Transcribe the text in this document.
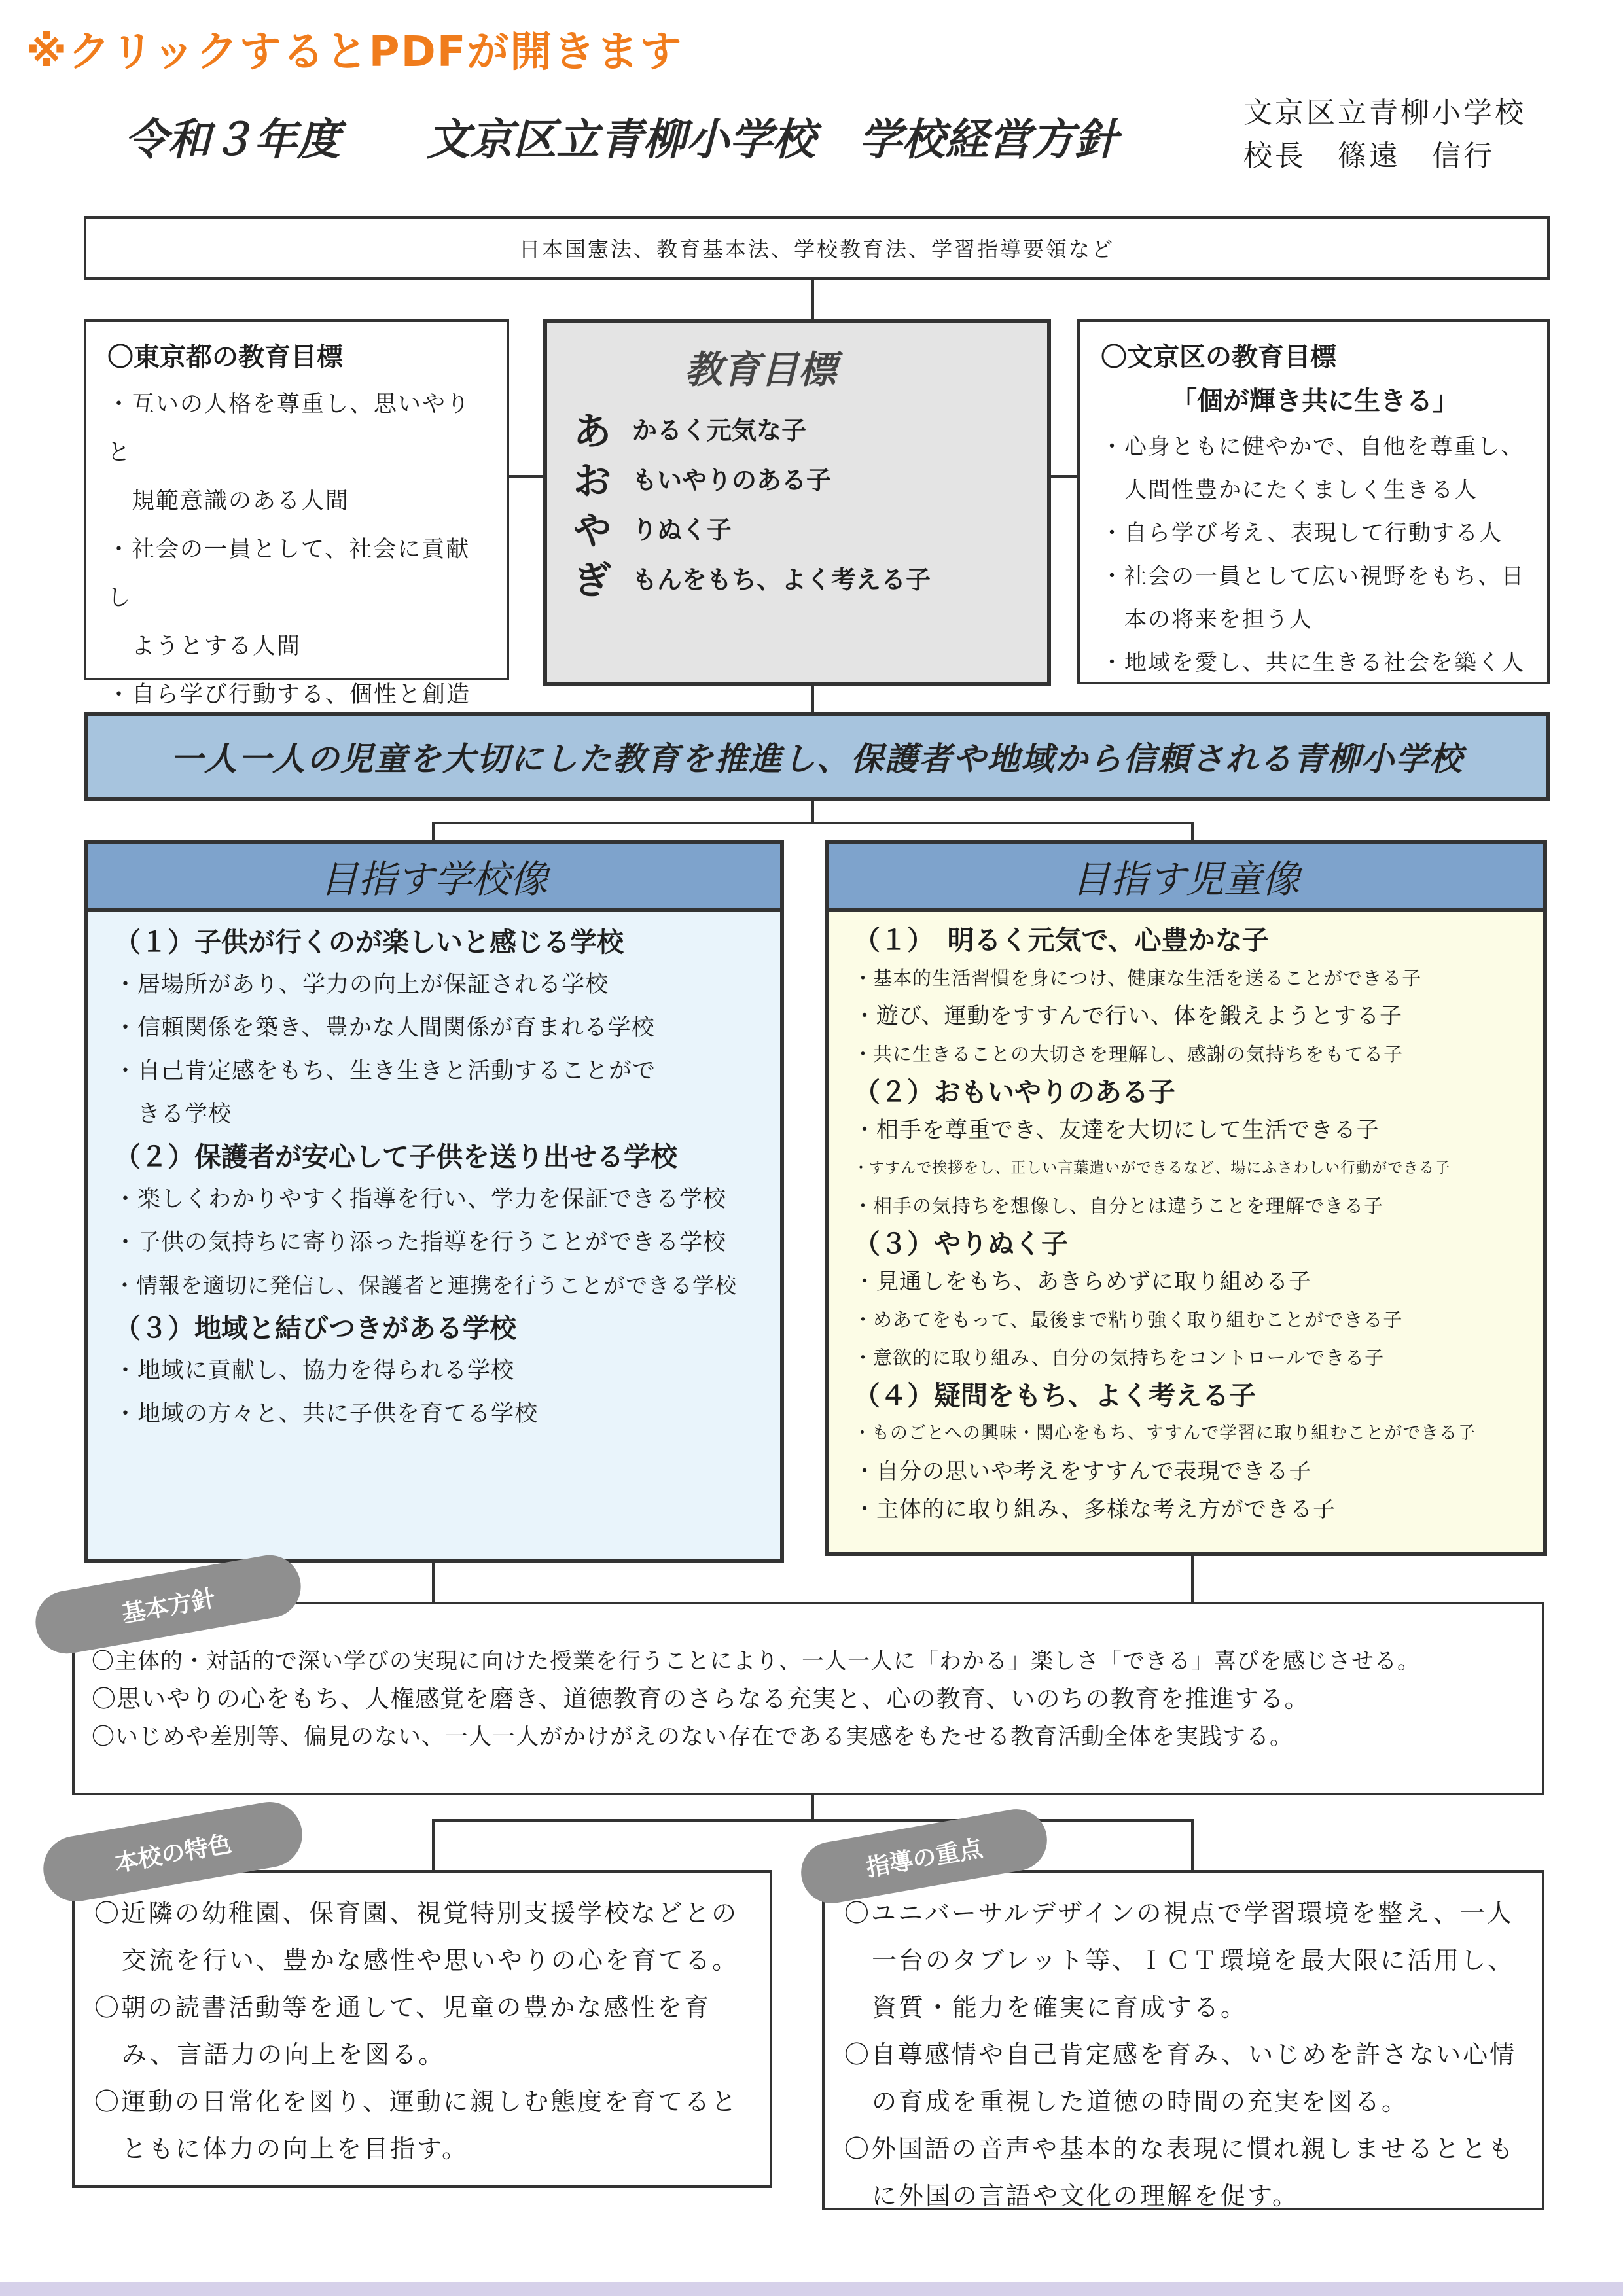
※クリックするとPDFが開きます
令和３年度　　文京区立青柳小学校　学校経営方針
文京区立青柳小学校
校長　篠遠　信行
日本国憲法、教育基本法、学校教育法、学習指導要領など
〇東京都の教育目標
・互いの人格を尊重し、思いやりと
　規範意識のある人間
・社会の一員として、社会に貢献し
　ようとする人間
・自ら学び行動する、個性と創造
教育目標
あ かるく元気な子
お もいやりのある子
や りぬく子
ぎ もんをもち、よく考える子
〇文京区の教育目標
「個が輝き共に生きる」
・心身ともに健やかで、自他を尊重し、
　人間性豊かにたくましく生きる人
・自ら学び考え、表現して行動する人
・社会の一員として広い視野をもち、日
　本の将来を担う人
・地域を愛し、共に生きる社会を築く人
一人一人の児童を大切にした教育を推進し、保護者や地域から信頼される青柳小学校
目指す学校像	目指す児童像
（１）子供が行くのが楽しいと感じる学校
・居場所があり、学力の向上が保証される学校
・信頼関係を築き、豊かな人間関係が育まれる学校
・自己肯定感をもち、生き生きと活動することがで
　きる学校
（２）保護者が安心して子供を送り出せる学校
・楽しくわかりやすく指導を行い、学力を保証できる学校
・子供の気持ちに寄り添った指導を行うことができる学校
・情報を適切に発信し、保護者と連携を行うことができる学校
（３）地域と結びつきがある学校
・地域に貢献し、協力を得られる学校
・地域の方々と、共に子供を育てる学校
（１）　明るく元気で、心豊かな子
・基本的生活習慣を身につけ、健康な生活を送ることができる子
・遊び、運動をすすんで行い、体を鍛えようとする子
・共に生きることの大切さを理解し、感謝の気持ちをもてる子
（２）おもいやりのある子
・相手を尊重でき、友達を大切にして生活できる子
・すすんで挨拶をし、正しい言葉遣いができるなど、場にふさわしい行動ができる子
・相手の気持ちを想像し、自分とは違うことを理解できる子
（３）やりぬく子
・見通しをもち、あきらめずに取り組める子
・めあてをもって、最後まで粘り強く取り組むことができる子
・意欲的に取り組み、自分の気持ちをコントロールできる子
（４）疑問をもち、よく考える子
・ものごとへの興味・関心をもち、すすんで学習に取り組むことができる子
・自分の思いや考えをすすんで表現できる子
・主体的に取り組み、多様な考え方ができる子
〇主体的・対話的で深い学びの実現に向けた授業を行うことにより、一人一人に「わかる」楽しさ「できる」喜びを感じさせる。
〇思いやりの心をもち、人権感覚を磨き、道徳教育のさらなる充実と、心の教育、いのちの教育を推進する。
〇いじめや差別等、偏見のない、一人一人がかけがえのない存在である実感をもたせる教育活動全体を実践する。
基本方針
〇近隣の幼稚園、保育園、視覚特別支援学校などとの交流を行い、豊かな感性や思いやりの心を育てる。
〇朝の読書活動等を通して、児童の豊かな感性を育み、言語力の向上を図る。
〇運動の日常化を図り、運動に親しむ態度を育てるとともに体力の向上を目指す。
本校の特色
〇ユニバーサルデザインの視点で学習環境を整え、一人一台のタブレット等、ＩＣＴ環境を最大限に活用し、資質・能力を確実に育成する。
〇自尊感情や自己肯定感を育み、いじめを許さない心情の育成を重視した道徳の時間の充実を図る。
〇外国語の音声や基本的な表現に慣れ親しませるとともに外国の言語や文化の理解を促す。
指導の重点
